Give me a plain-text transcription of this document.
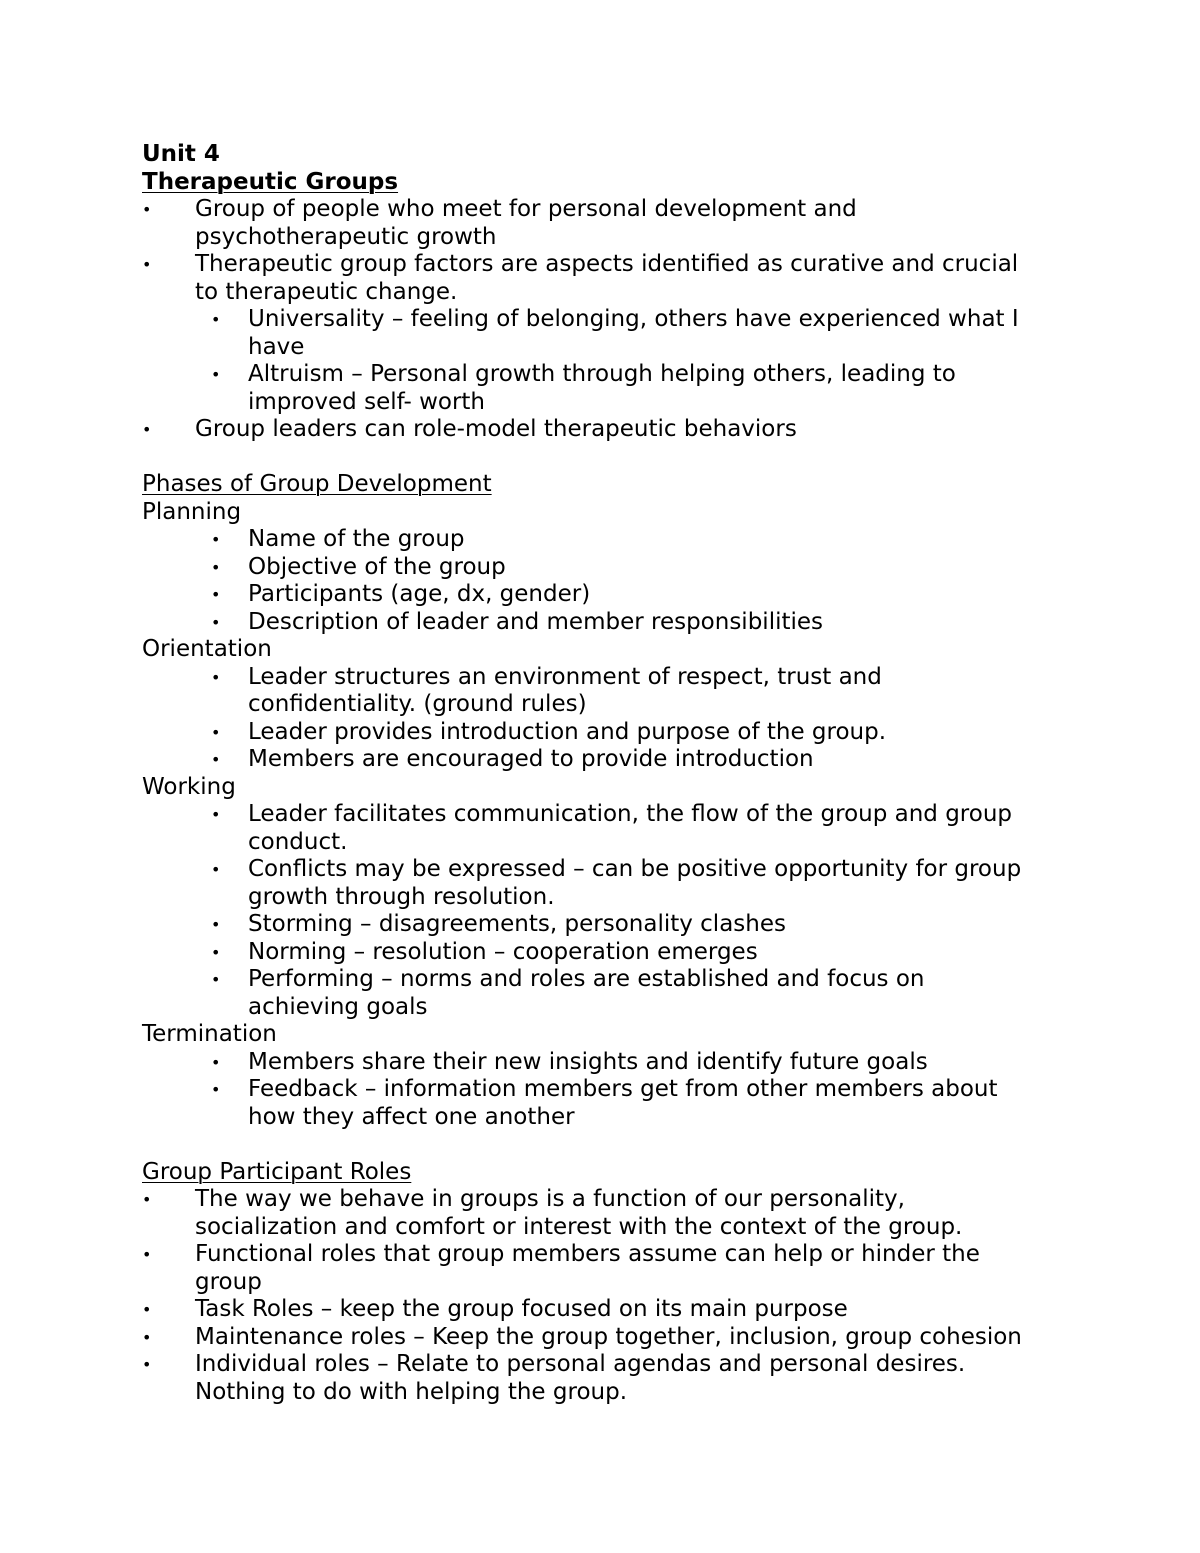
Unit 4

Therapeutic Groups

• Group of people who meet for personal development and
psychotherapeutic growth
• Therapeutic group factors are aspects identified as curative and crucial
to therapeutic change.
• Universality – feeling of belonging, others have experienced what I
have
• Altruism – Personal growth through helping others, leading to
improved self- worth
• Group leaders can role-model therapeutic behaviors

Phases of Group Development

Planning

• Name of the group
• Objective of the group
• Participants (age, dx, gender)
• Description of leader and member responsibilities

Orientation

• Leader structures an environment of respect, trust and
confidentiality. (ground rules)
• Leader provides introduction and purpose of the group.
• Members are encouraged to provide introduction

Working

• Leader facilitates communication, the flow of the group and group
conduct.
• Conflicts may be expressed – can be positive opportunity for group
growth through resolution.
• Storming – disagreements, personality clashes
• Norming – resolution – cooperation emerges
• Performing – norms and roles are established and focus on
achieving goals

Termination

• Members share their new insights and identify future goals
• Feedback – information members get from other members about
how they affect one another

Group Participant Roles

• The way we behave in groups is a function of our personality,
socialization and comfort or interest with the context of the group.
• Functional roles that group members assume can help or hinder the
group
• Task Roles – keep the group focused on its main purpose
• Maintenance roles – Keep the group together, inclusion, group cohesion
• Individual roles – Relate to personal agendas and personal desires.
Nothing to do with helping the group.
